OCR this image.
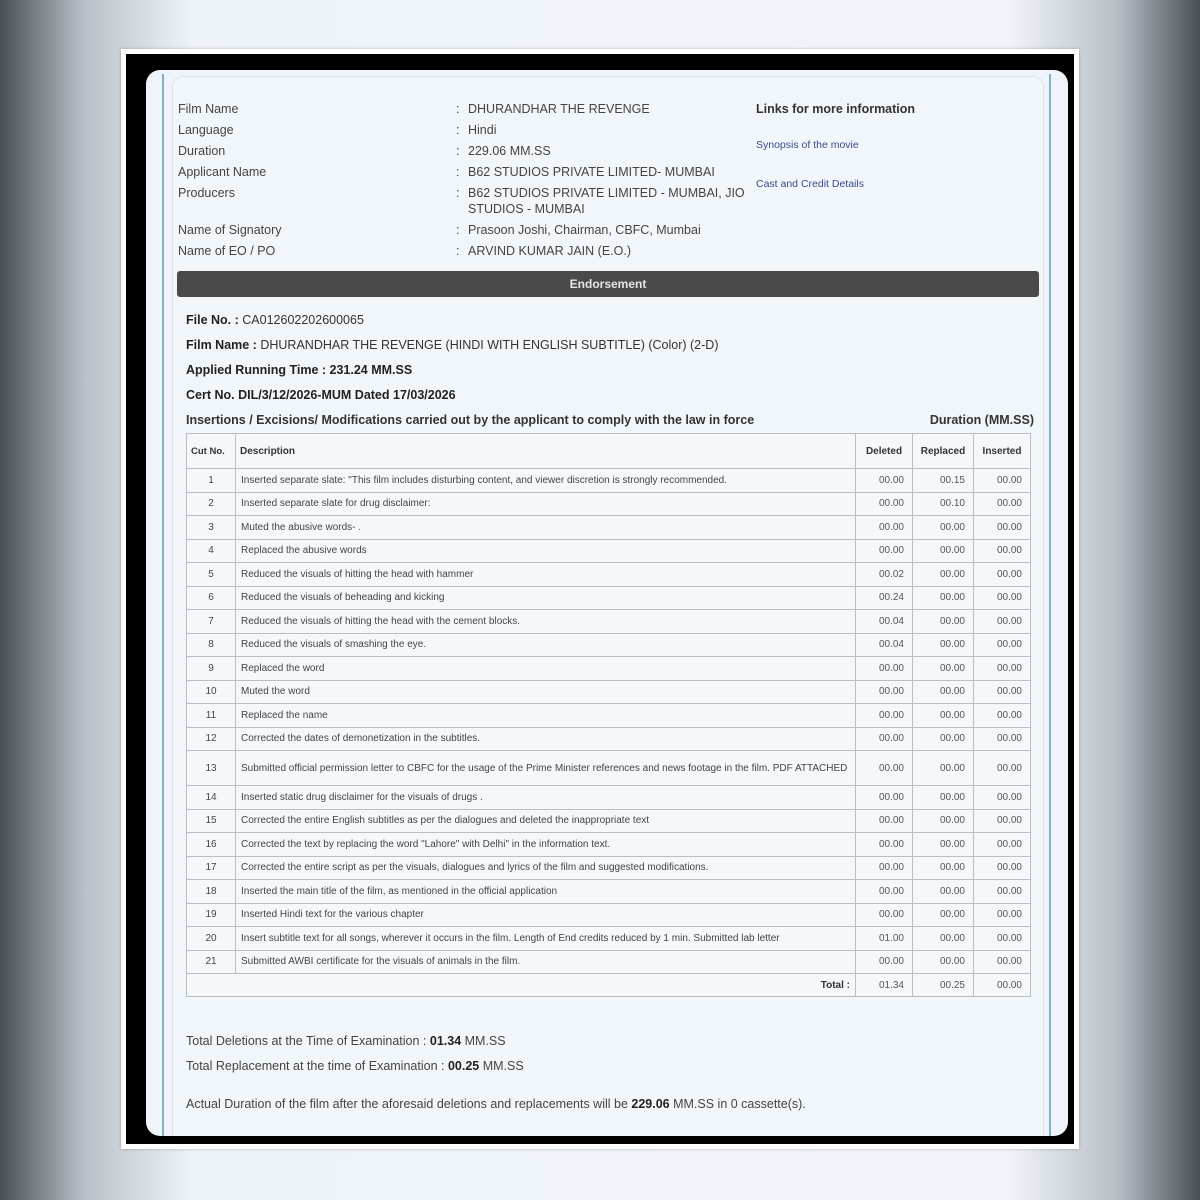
Film Name	: DHURANDHAR THE REVENGE
Language	: Hindi
Duration	: 229.06 MM.SS
Applicant Name	: B62 STUDIOS PRIVATE LIMITED- MUMBAI
Producers	: B62 STUDIOS PRIVATE LIMITED - MUMBAI, JIO STUDIOS - MUMBAI
Name of Signatory	: Prasoon Joshi, Chairman, CBFC, Mumbai
Name of EO / PO	: ARVIND KUMAR JAIN (E.O.)
Links for more information
Synopsis of the movie
Cast and Credit Details
Endorsement
File No. : CA012602202600065
Film Name : DHURANDHAR THE REVENGE (HINDI WITH ENGLISH SUBTITLE) (Color) (2-D)
Applied Running Time : 231.24 MM.SS
Cert No. DIL/3/12/2026-MUM Dated 17/03/2026
Insertions / Excisions/ Modifications carried out by the applicant to comply with the law in force	Duration (MM.SS)
Cut No.	Description	Deleted	Replaced	Inserted
1	Inserted separate slate: "This film includes disturbing content, and viewer discretion is strongly recommended.	00.00	00.15	00.00
2	Inserted separate slate for drug disclaimer:	00.00	00.10	00.00
3	Muted the abusive words- .	00.00	00.00	00.00
4	Replaced the abusive words	00.00	00.00	00.00
5	Reduced the visuals of hitting the head with hammer	00.02	00.00	00.00
6	Reduced the visuals of beheading and kicking	00.24	00.00	00.00
7	Reduced the visuals of hitting the head with the cement blocks.	00.04	00.00	00.00
8	Reduced the visuals of smashing the eye.	00.04	00.00	00.00
9	Replaced the word	00.00	00.00	00.00
10	Muted the word	00.00	00.00	00.00
11	Replaced the name	00.00	00.00	00.00
12	Corrected the dates of demonetization in the subtitles.	00.00	00.00	00.00
13	Submitted official permission letter to CBFC for the usage of the Prime Minister references and news footage in the film. PDF ATTACHED	00.00	00.00	00.00
14	Inserted static drug disclaimer for the visuals of drugs .	00.00	00.00	00.00
15	Corrected the entire English subtitles as per the dialogues and deleted the inappropriate text	00.00	00.00	00.00
16	Corrected the text by replacing the word "Lahore" with Delhi" in the information text.	00.00	00.00	00.00
17	Corrected the entire script as per the visuals, dialogues and lyrics of the film and suggested modifications.	00.00	00.00	00.00
18	Inserted the main title of the film, as mentioned in the official application	00.00	00.00	00.00
19	Inserted Hindi text for the various chapter	00.00	00.00	00.00
20	Insert subtitle text for all songs, wherever it occurs in the film. Length of End credits reduced by 1 min. Submitted lab letter	01.00	00.00	00.00
21	Submitted AWBI certificate for the visuals of animals in the film.	00.00	00.00	00.00
Total :		01.34	00.25	00.00
Total Deletions at the Time of Examination : 01.34 MM.SS
Total Replacement at the time of Examination : 00.25 MM.SS
Actual Duration of the film after the aforesaid deletions and replacements will be 229.06 MM.SS in 0 cassette(s).
